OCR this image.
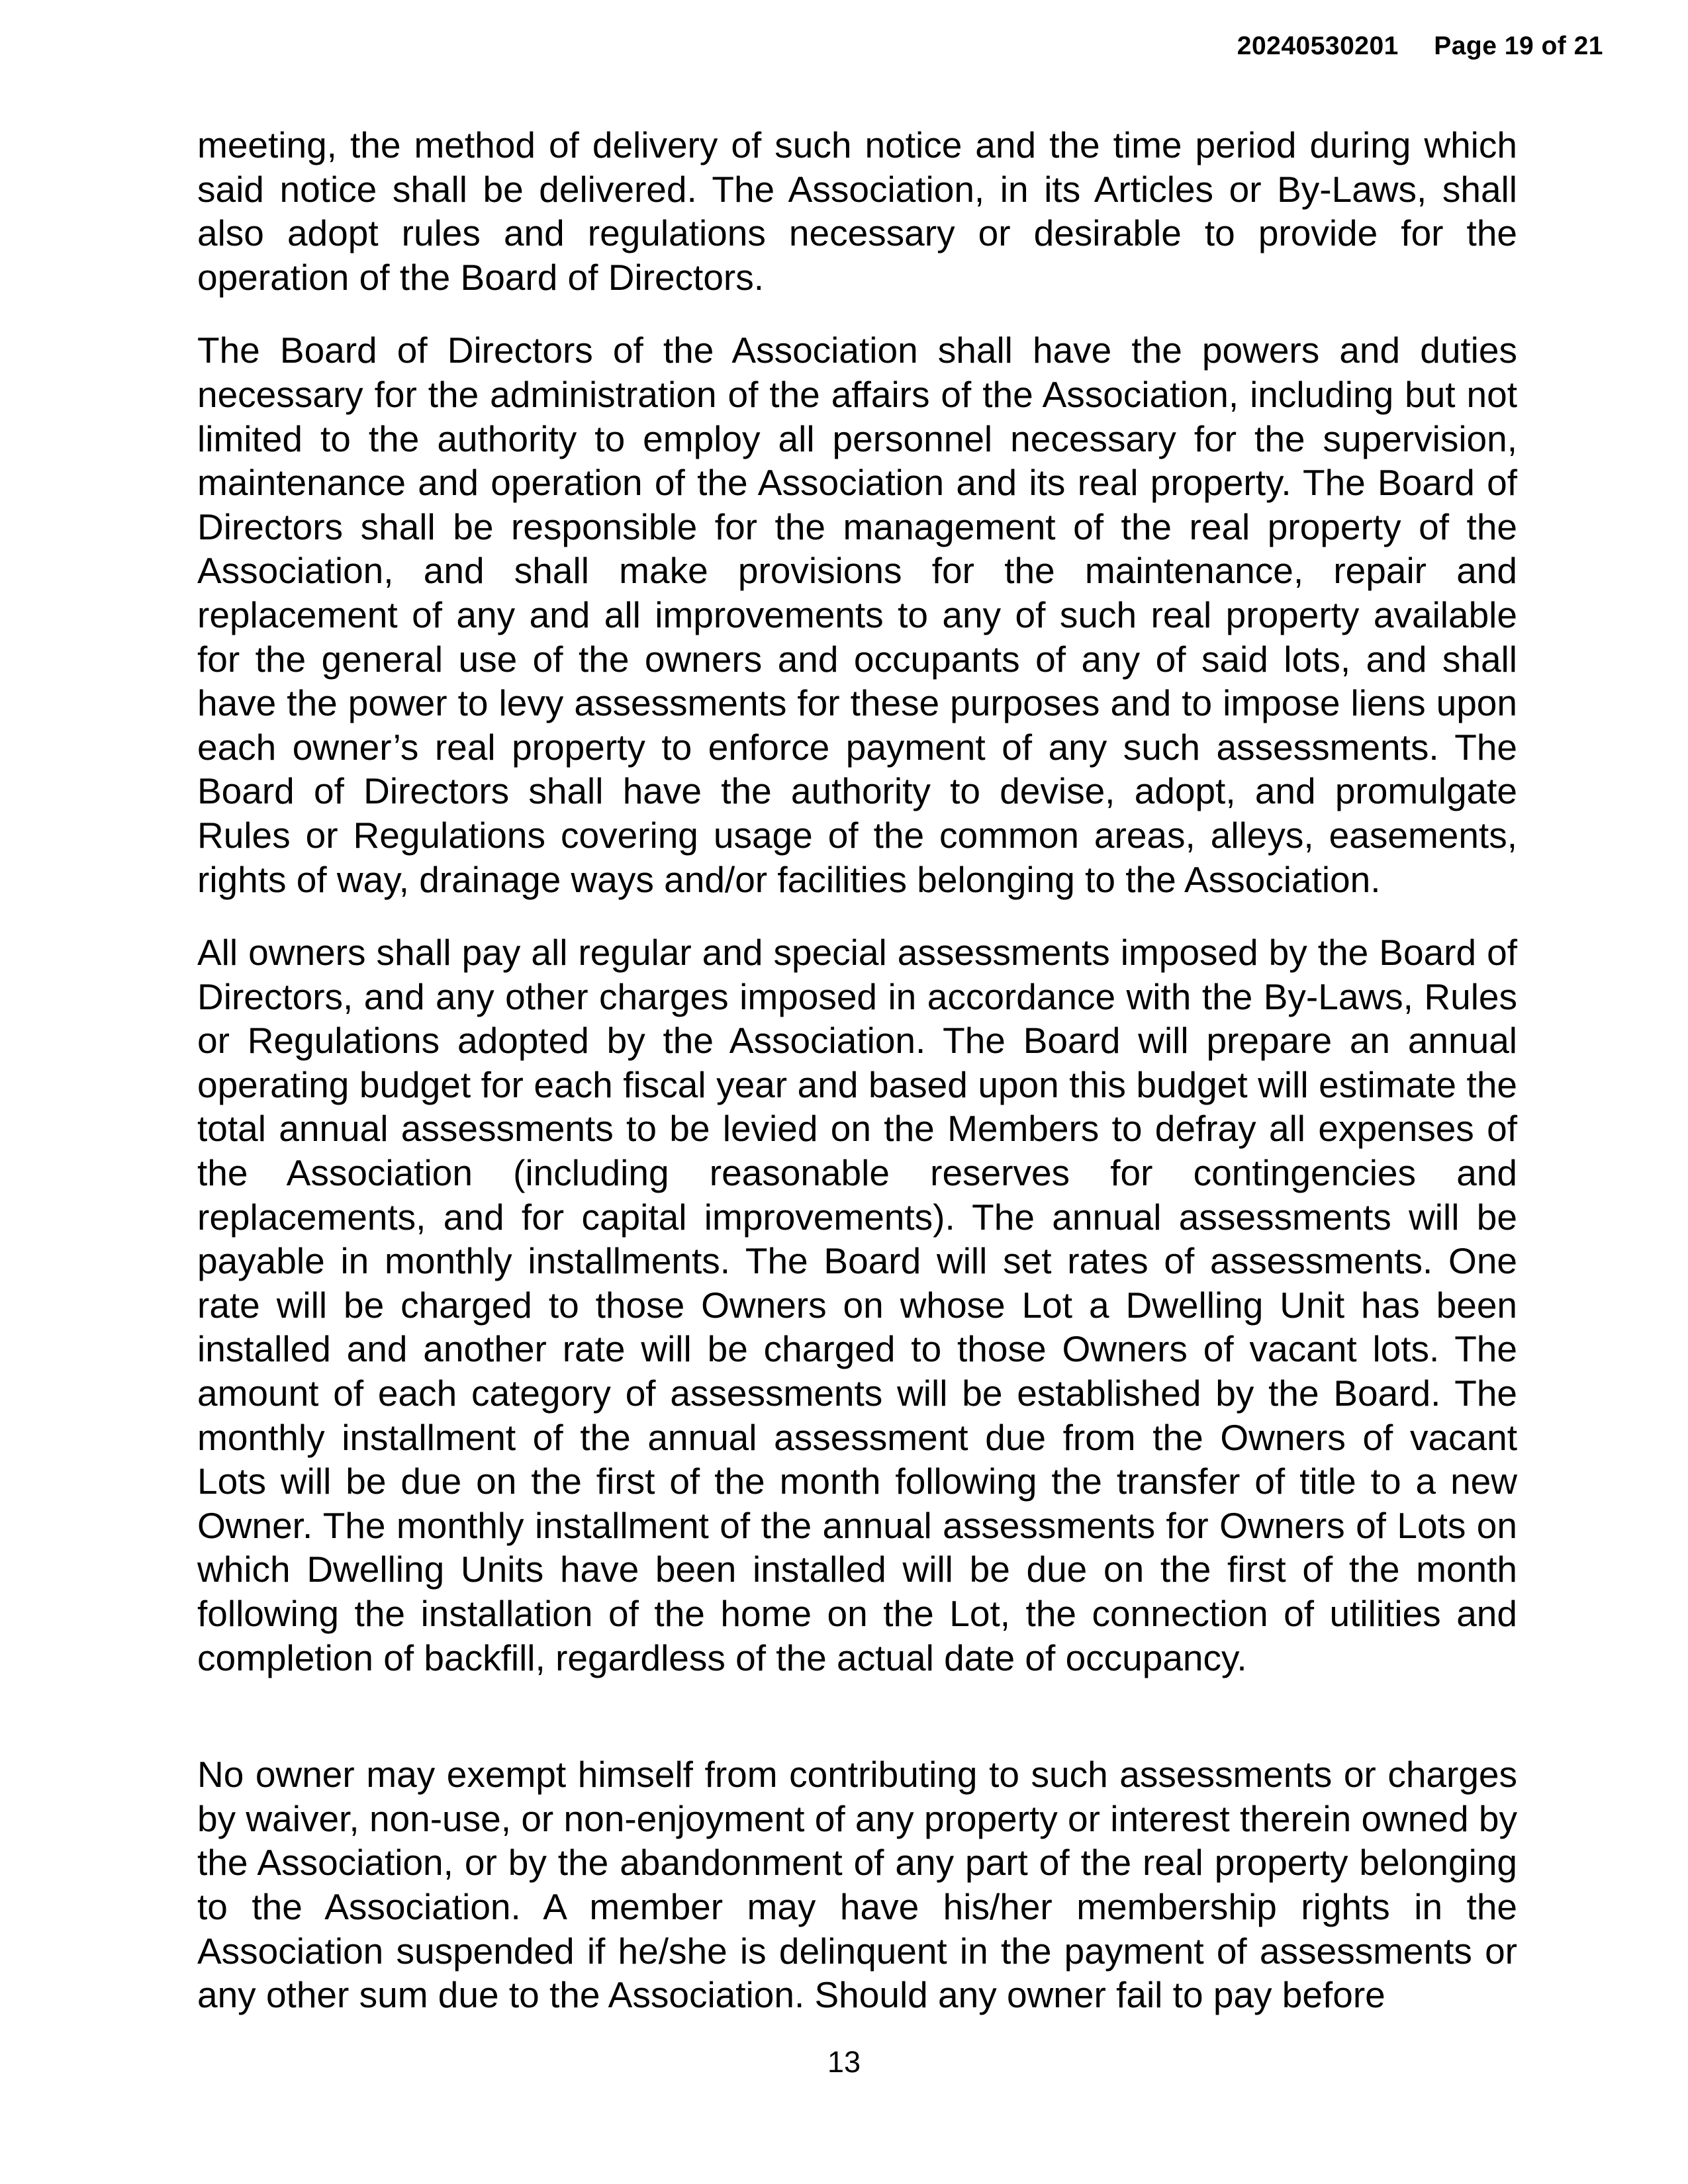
20240530201 Page 19 of 21

meeting, the method of delivery of such notice and the time period during which said notice shall be delivered. The Association, in its Articles or By-Laws, shall also adopt rules and regulations necessary or desirable to provide for the operation of the Board of Directors.

The Board of Directors of the Association shall have the powers and duties necessary for the administration of the affairs of the Association, including but not limited to the authority to employ all personnel necessary for the supervision, maintenance and operation of the Association and its real property. The Board of Directors shall be responsible for the management of the real property of the Association, and shall make provisions for the maintenance, repair and replacement of any and all improvements to any of such real property available for the general use of the owners and occupants of any of said lots, and shall have the power to levy assessments for these purposes and to impose liens upon each owner’s real property to enforce payment of any such assessments. The Board of Directors shall have the authority to devise, adopt, and promulgate Rules or Regulations covering usage of the common areas, alleys, easements, rights of way, drainage ways and/or facilities belonging to the Association.

All owners shall pay all regular and special assessments imposed by the Board of Directors, and any other charges imposed in accordance with the By-Laws, Rules or Regulations adopted by the Association. The Board will prepare an annual operating budget for each fiscal year and based upon this budget will estimate the total annual assessments to be levied on the Members to defray all expenses of the Association (including reasonable reserves for contingencies and replacements, and for capital improvements). The annual assessments will be payable in monthly installments. The Board will set rates of assessments. One rate will be charged to those Owners on whose Lot a Dwelling Unit has been installed and another rate will be charged to those Owners of vacant lots. The amount of each category of assessments will be established by the Board. The monthly installment of the annual assessment due from the Owners of vacant Lots will be due on the first of the month following the transfer of title to a new Owner. The monthly installment of the annual assessments for Owners of Lots on which Dwelling Units have been installed will be due on the first of the month following the installation of the home on the Lot, the connection of utilities and completion of backfill, regardless of the actual date of occupancy.

No owner may exempt himself from contributing to such assessments or charges by waiver, non-use, or non-enjoyment of any property or interest therein owned by the Association, or by the abandonment of any part of the real property belonging to the Association. A member may have his/her membership rights in the Association suspended if he/she is delinquent in the payment of assessments or any other sum due to the Association. Should any owner fail to pay before

13
